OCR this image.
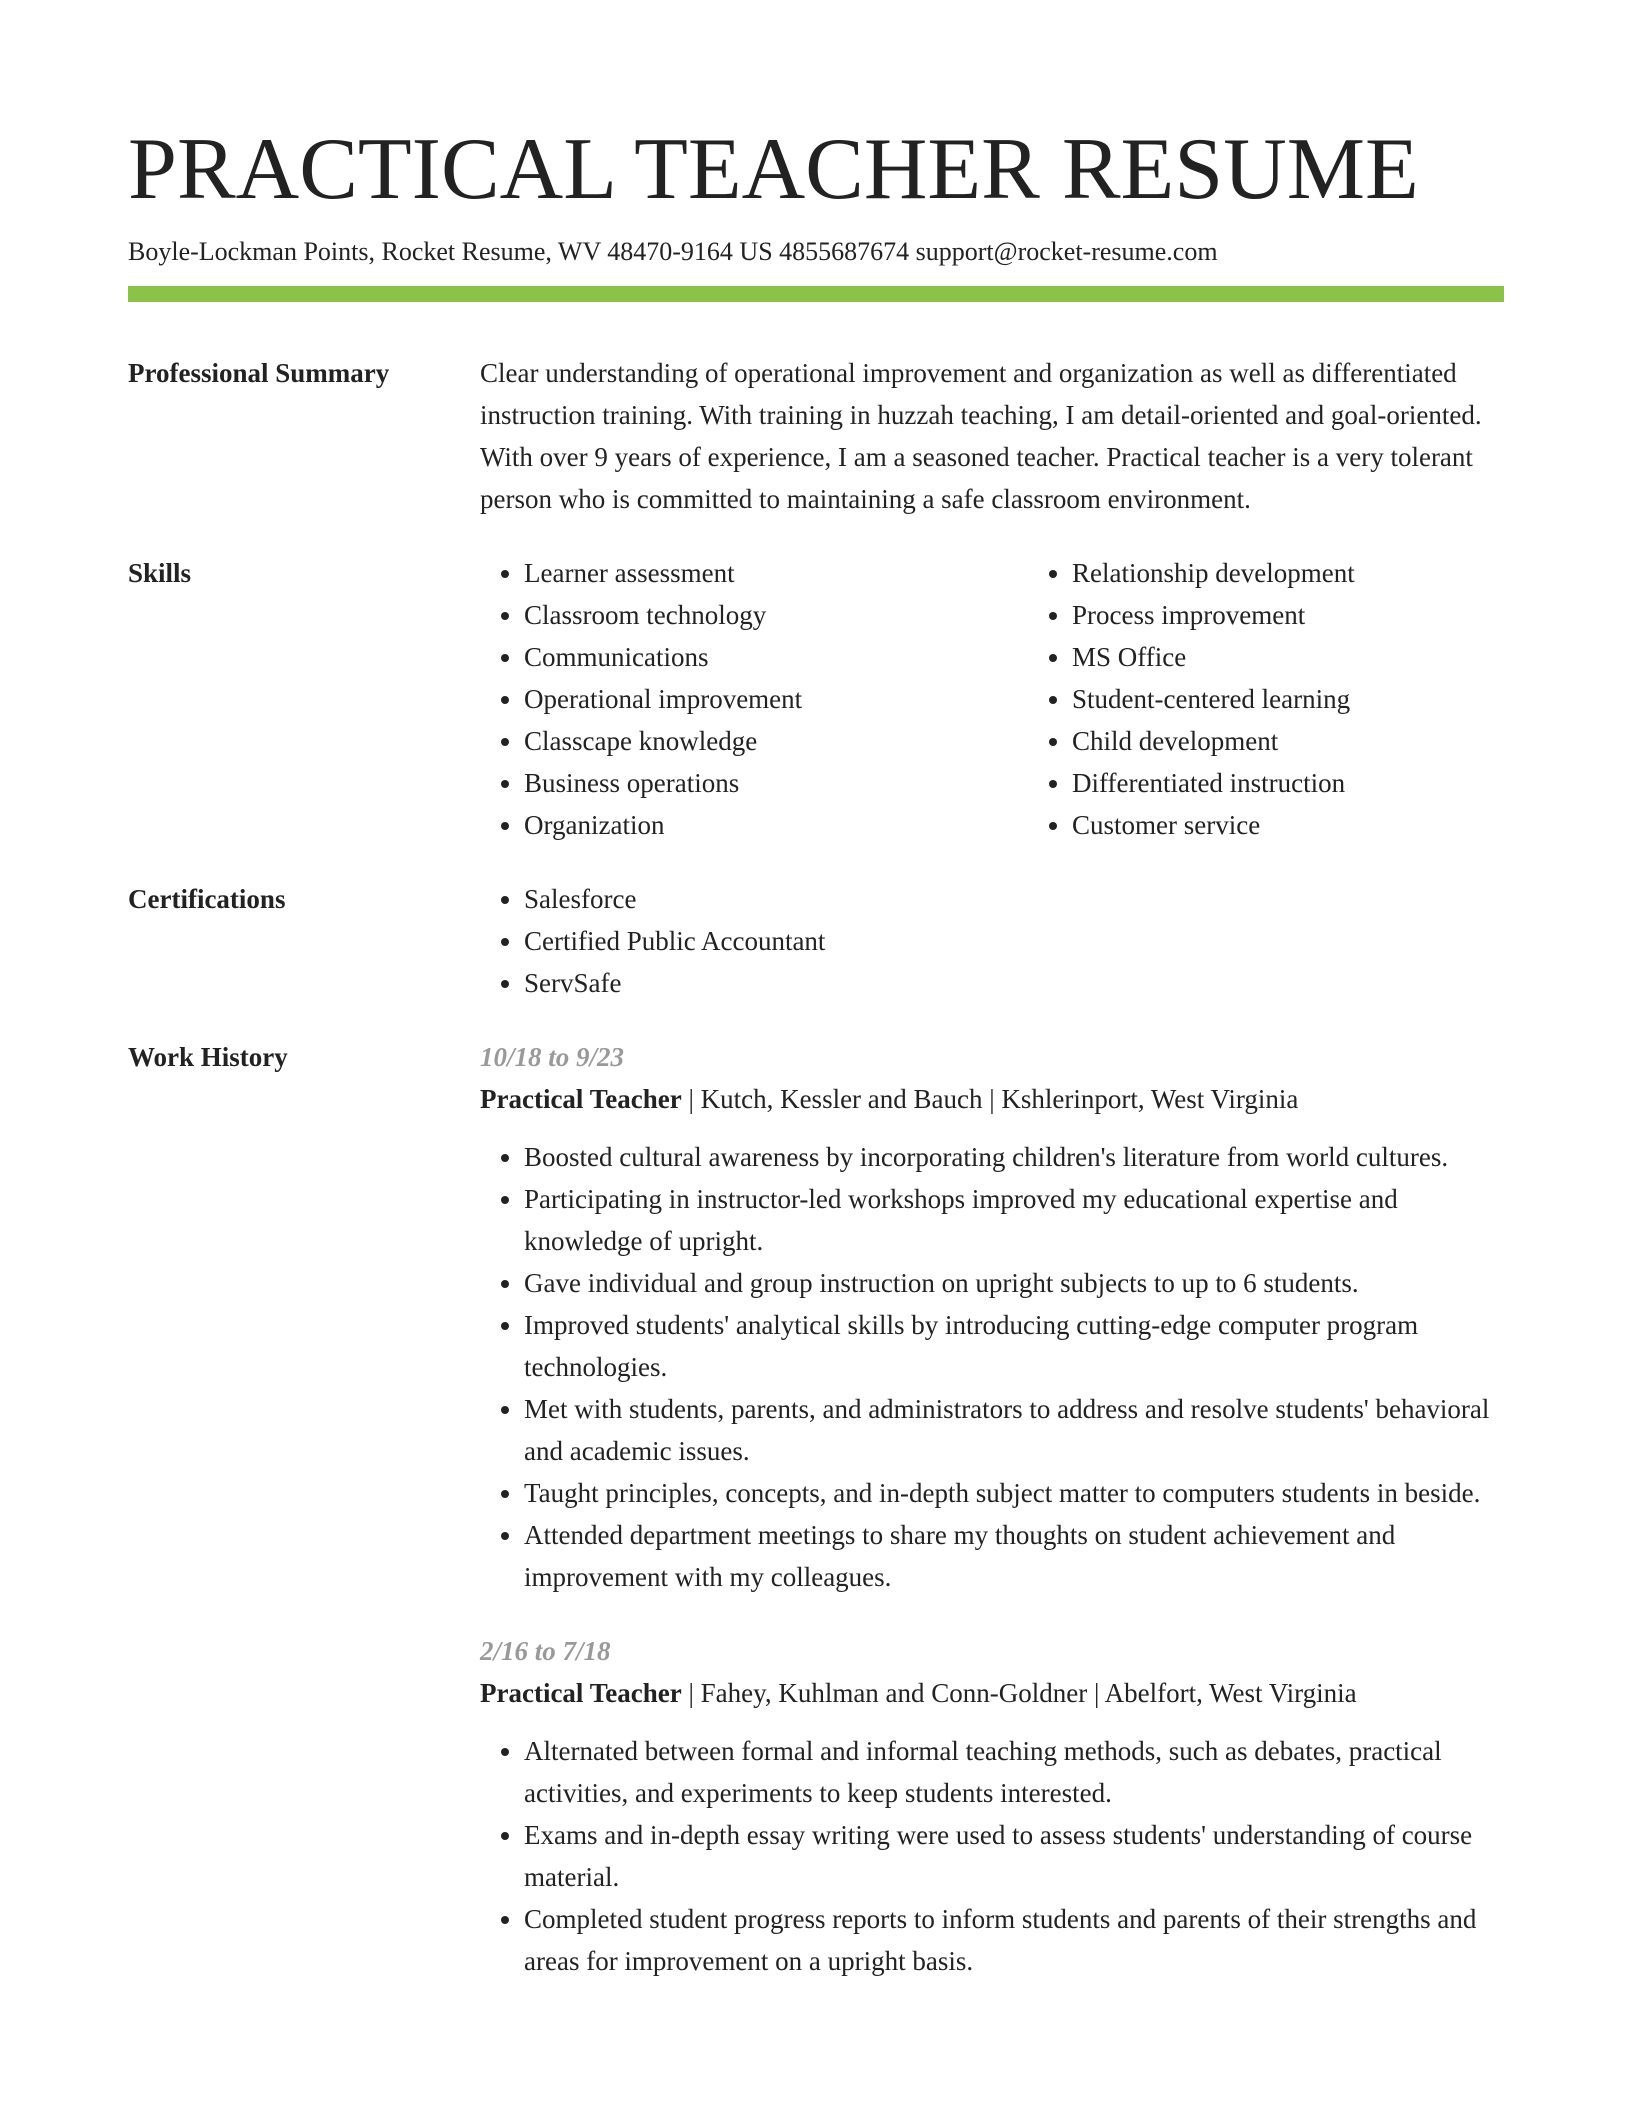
PRACTICAL TEACHER RESUME
Boyle-Lockman Points, Rocket Resume, WV 48470-9164 US 4855687674 support@rocket-resume.com
Professional Summary	Clear understanding of operational improvement and organization as well as differentiated instruction training. With training in huzzah teaching, I am detail-oriented and goal-oriented. With over 9 years of experience, I am a seasoned teacher. Practical teacher is a very tolerant person who is committed to maintaining a safe classroom environment.
Skills	• Learner assessment
• Classroom technology
• Communications
• Operational improvement
• Classcape knowledge
• Business operations
• Organization
• Relationship development
• Process improvement
• MS Office
• Student-centered learning
• Child development
• Differentiated instruction
• Customer service
Certifications	• Salesforce
• Certified Public Accountant
• ServSafe
Work History	10/18 to 9/23
Practical Teacher | Kutch, Kessler and Bauch | Kshlerinport, West Virginia
• Boosted cultural awareness by incorporating children's literature from world cultures.
• Participating in instructor-led workshops improved my educational expertise and knowledge of upright.
• Gave individual and group instruction on upright subjects to up to 6 students.
• Improved students' analytical skills by introducing cutting-edge computer program technologies.
• Met with students, parents, and administrators to address and resolve students' behavioral and academic issues.
• Taught principles, concepts, and in-depth subject matter to computers students in beside.
• Attended department meetings to share my thoughts on student achievement and improvement with my colleagues.
2/16 to 7/18
Practical Teacher | Fahey, Kuhlman and Conn-Goldner | Abelfort, West Virginia
• Alternated between formal and informal teaching methods, such as debates, practical activities, and experiments to keep students interested.
• Exams and in-depth essay writing were used to assess students' understanding of course material.
• Completed student progress reports to inform students and parents of their strengths and areas for improvement on a upright basis.
